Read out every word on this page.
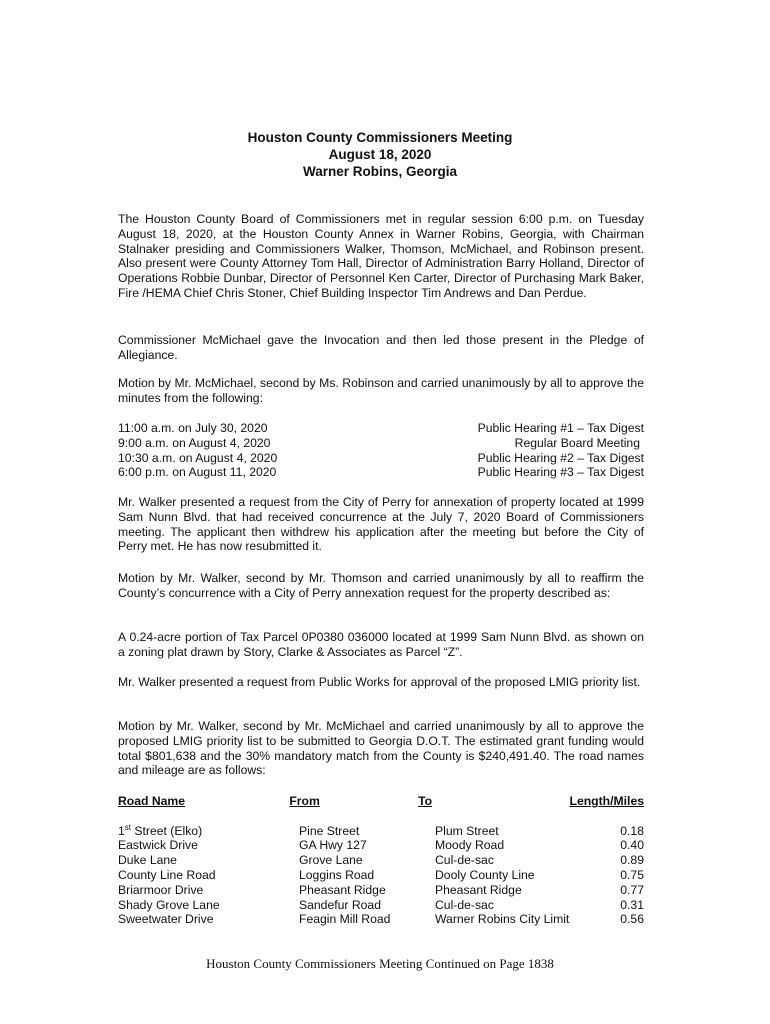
Houston County Commissioners Meeting
August 18, 2020
Warner Robins, Georgia

The Houston County Board of Commissioners met in regular session 6:00 p.m. on Tuesday August 18, 2020, at the Houston County Annex in Warner Robins, Georgia, with Chairman Stalnaker presiding and Commissioners Walker, Thomson, McMichael, and Robinson present. Also present were County Attorney Tom Hall, Director of Administration Barry Holland, Director of Operations Robbie Dunbar, Director of Personnel Ken Carter, Director of Purchasing Mark Baker, Fire /HEMA Chief Chris Stoner, Chief Building Inspector Tim Andrews and Dan Perdue.

Commissioner McMichael gave the Invocation and then led those present in the Pledge of Allegiance.

Motion by Mr. McMichael, second by Ms. Robinson and carried unanimously by all to approve the minutes from the following:

11:00 a.m. on July 30, 2020	Public Hearing #1 – Tax Digest
9:00 a.m. on August 4, 2020	Regular Board Meeting
10:30 a.m. on August 4, 2020	Public Hearing #2 – Tax Digest
6:00 p.m. on August 11, 2020	Public Hearing #3 – Tax Digest

Mr. Walker presented a request from the City of Perry for annexation of property located at 1999 Sam Nunn Blvd. that had received concurrence at the July 7, 2020 Board of Commissioners meeting. The applicant then withdrew his application after the meeting but before the City of Perry met. He has now resubmitted it.

Motion by Mr. Walker, second by Mr. Thomson and carried unanimously by all to reaffirm the County’s concurrence with a City of Perry annexation request for the property described as:

A 0.24-acre portion of Tax Parcel 0P0380 036000 located at 1999 Sam Nunn Blvd. as shown on a zoning plat drawn by Story, Clarke & Associates as Parcel “Z”.

Mr. Walker presented a request from Public Works for approval of the proposed LMIG priority list.

Motion by Mr. Walker, second by Mr. McMichael and carried unanimously by all to approve the proposed LMIG priority list to be submitted to Georgia D.O.T. The estimated grant funding would total $801,638 and the 30% mandatory match from the County is $240,491.40. The road names and mileage are as follows:

Road Name	From	To	Length/Miles
1st Street (Elko)	Pine Street	Plum Street	0.18
Eastwick Drive	GA Hwy 127	Moody Road	0.40
Duke Lane	Grove Lane	Cul-de-sac	0.89
County Line Road	Loggins Road	Dooly County Line	0.75
Briarmoor Drive	Pheasant Ridge	Pheasant Ridge	0.77
Shady Grove Lane	Sandefur Road	Cul-de-sac	0.31
Sweetwater Drive	Feagin Mill Road	Warner Robins City Limit	0.56
Houston County Commissioners Meeting Continued on Page 1838
